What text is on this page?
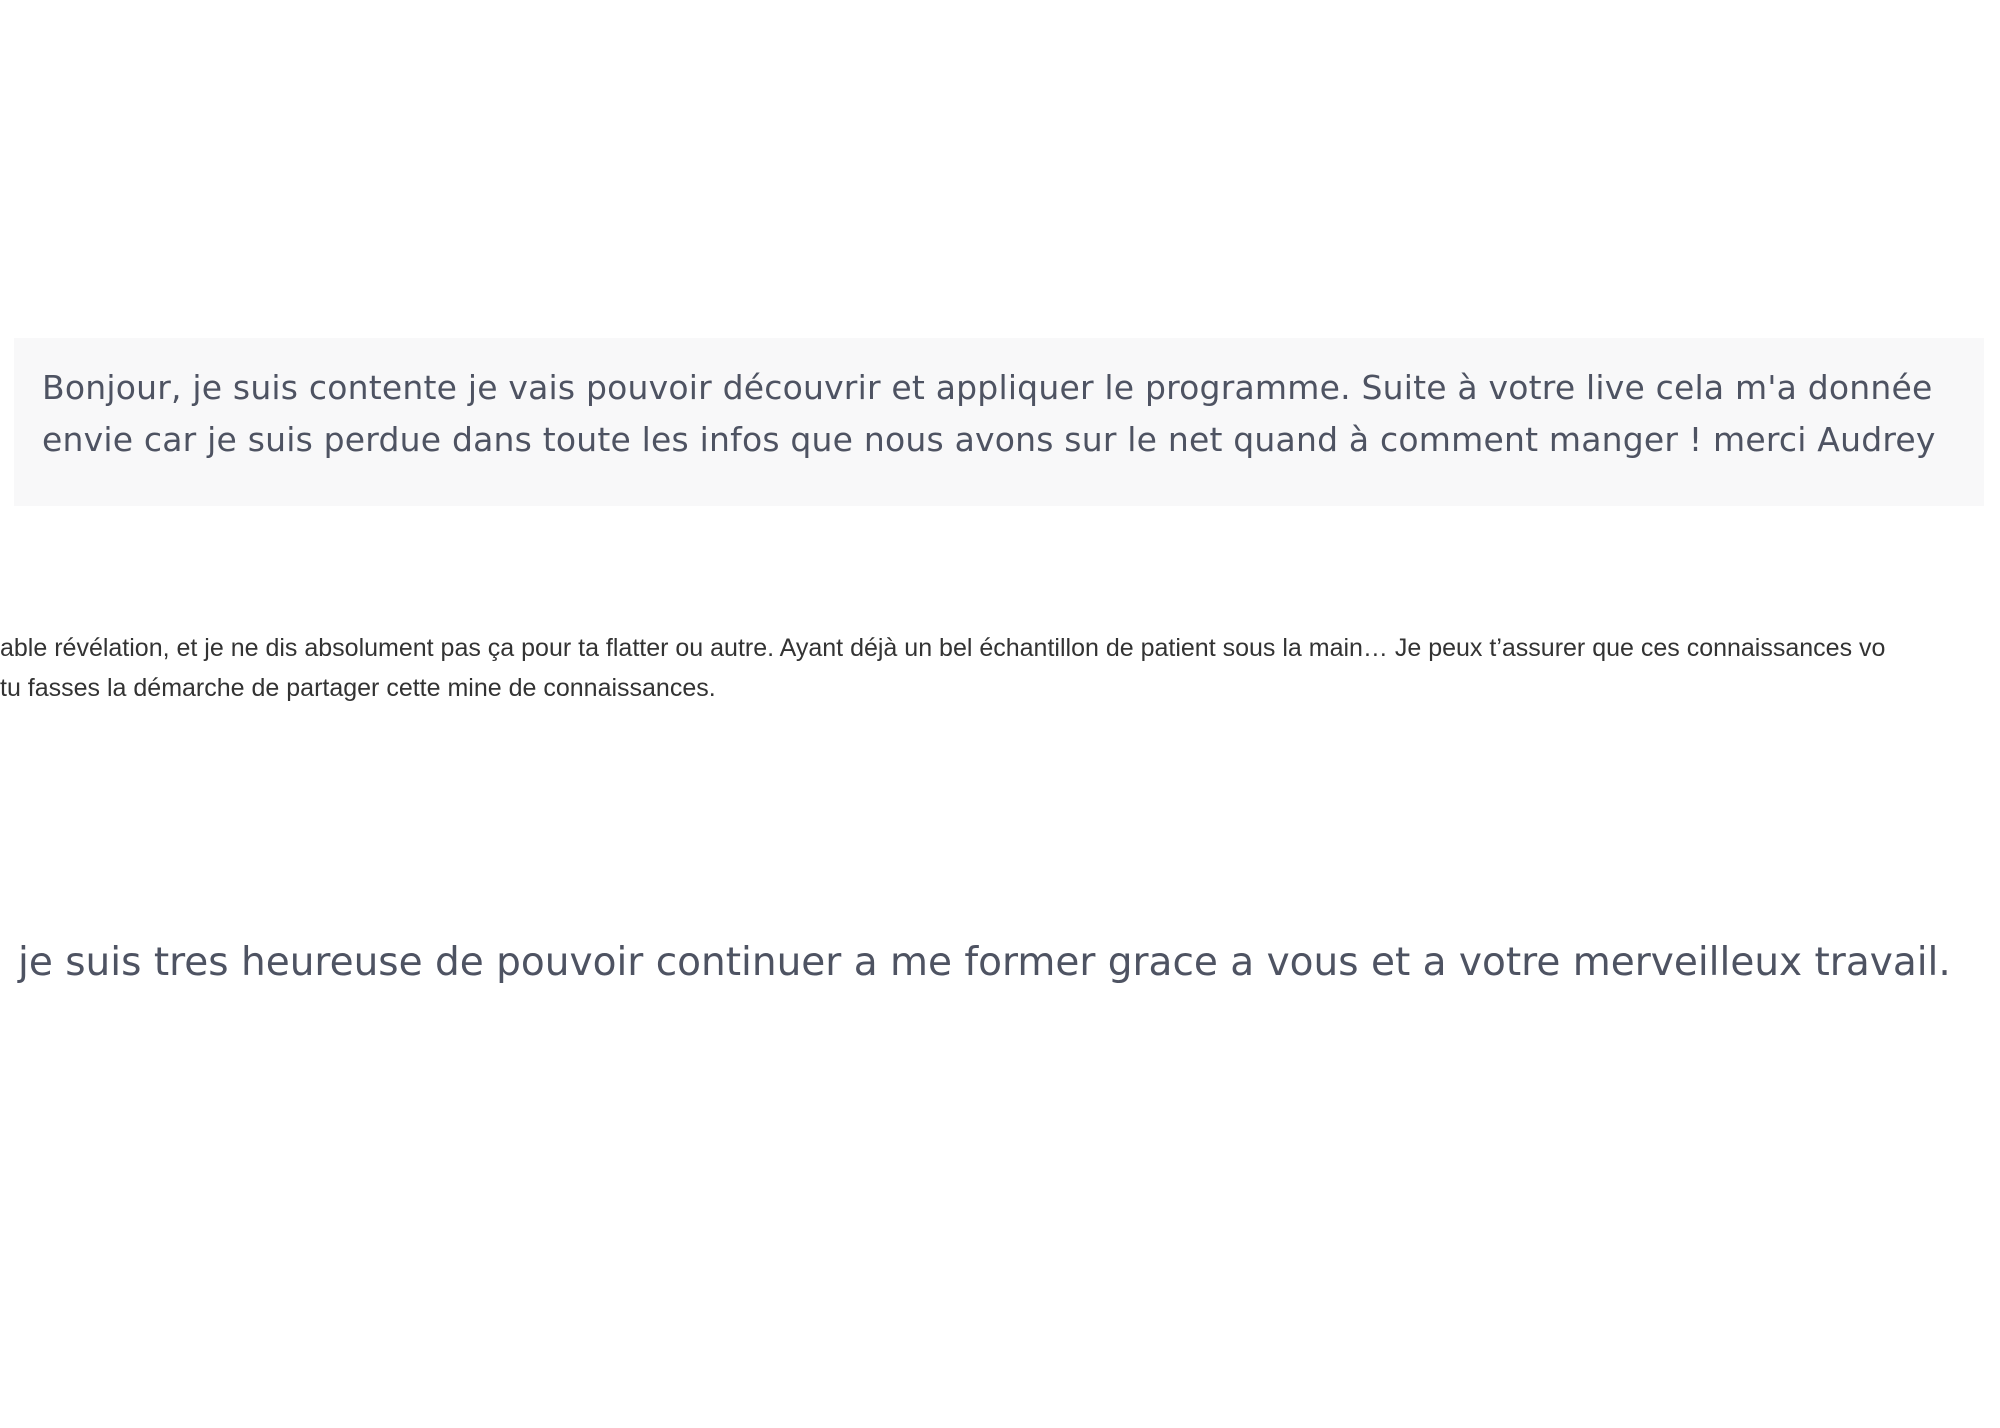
Bonjour, je suis contente je vais pouvoir découvrir et appliquer le programme. Suite à votre live cela m'a donnée envie car je suis perdue dans toute les infos que nous avons sur le net quand à comment manger ! merci Audrey

able révélation, et je ne dis absolument pas ça pour ta flatter ou autre. Ayant déjà un bel échantillon de patient sous la main… Je peux t’assurer que ces connaissances vo
tu fasses la démarche de partager cette mine de connaissances.

je suis tres heureuse de pouvoir continuer a me former grace a vous et a votre merveilleux travail.
